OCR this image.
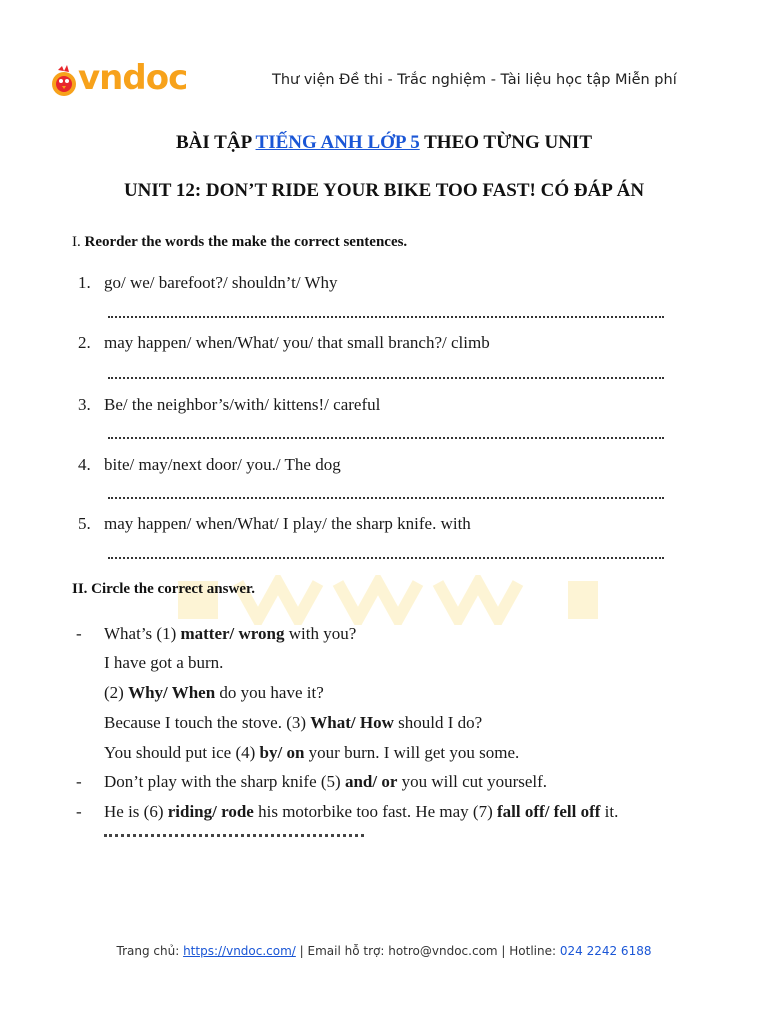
vndoc	Thư viện Đề thi - Trắc nghiệm - Tài liệu học tập Miễn phí
BÀI TẬP TIẾNG ANH LỚP 5 THEO TỪNG UNIT
UNIT 12: DON’T RIDE YOUR BIKE TOO FAST! CÓ ĐÁP ÁN
I. Reorder the words the make the correct sentences.
1. go/ we/ barefoot?/ shouldn’t/ Why
2. may happen/ when/What/ you/ that small branch?/ climb
3. Be/ the neighbor’s/with/ kittens!/ careful
4. bite/ may/next door/ you./ The dog
5. may happen/ when/What/ I play/ the sharp knife. with
II. Circle the correct answer.
- What’s (1) matter/ wrong with you?
I have got a burn.
(2) Why/ When do you have it?
Because I touch the stove. (3) What/ How should I do?
You should put ice (4) by/ on your burn. I will get you some.
- Don’t play with the sharp knife (5) and/ or you will cut yourself.
- He is (6) riding/ rode his motorbike too fast. He may (7) fall off/ fell off it.
Trang chủ: https://vndoc.com/ | Email hỗ trợ: hotro@vndoc.com | Hotline: 024 2242 6188
